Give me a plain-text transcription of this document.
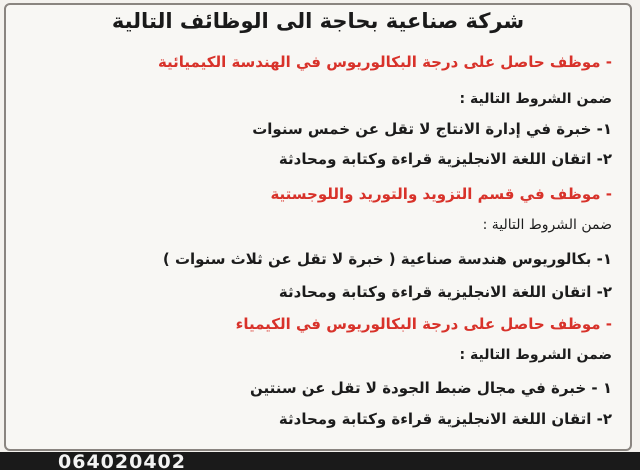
شركة صناعية بحاجة الى الوظائف التالية
- موظف حاصل على درجة البكالوريوس في الهندسة الكيميائية
ضمن الشروط التالية :
١- خبرة في إدارة الانتاج لا تقل عن خمس سنوات
٢- اتقان اللغة الانجليزية قراءة وكتابة ومحادثة
- موظف في قسم التزويد والتوريد واللوجستية
ضمن الشروط التالية :
١- بكالوريوس هندسة صناعية ( خبرة لا تقل عن ثلاث سنوات )
٢- اتقان اللغة الانجليزية قراءة وكتابة ومحادثة
- موظف حاصل على درجة البكالوريوس في الكيمياء
ضمن الشروط التالية :
١ - خبرة في مجال ضبط الجودة لا تقل عن سنتين
٢- اتقان اللغة الانجليزية قراءة وكتابة ومحادثة
064020402
